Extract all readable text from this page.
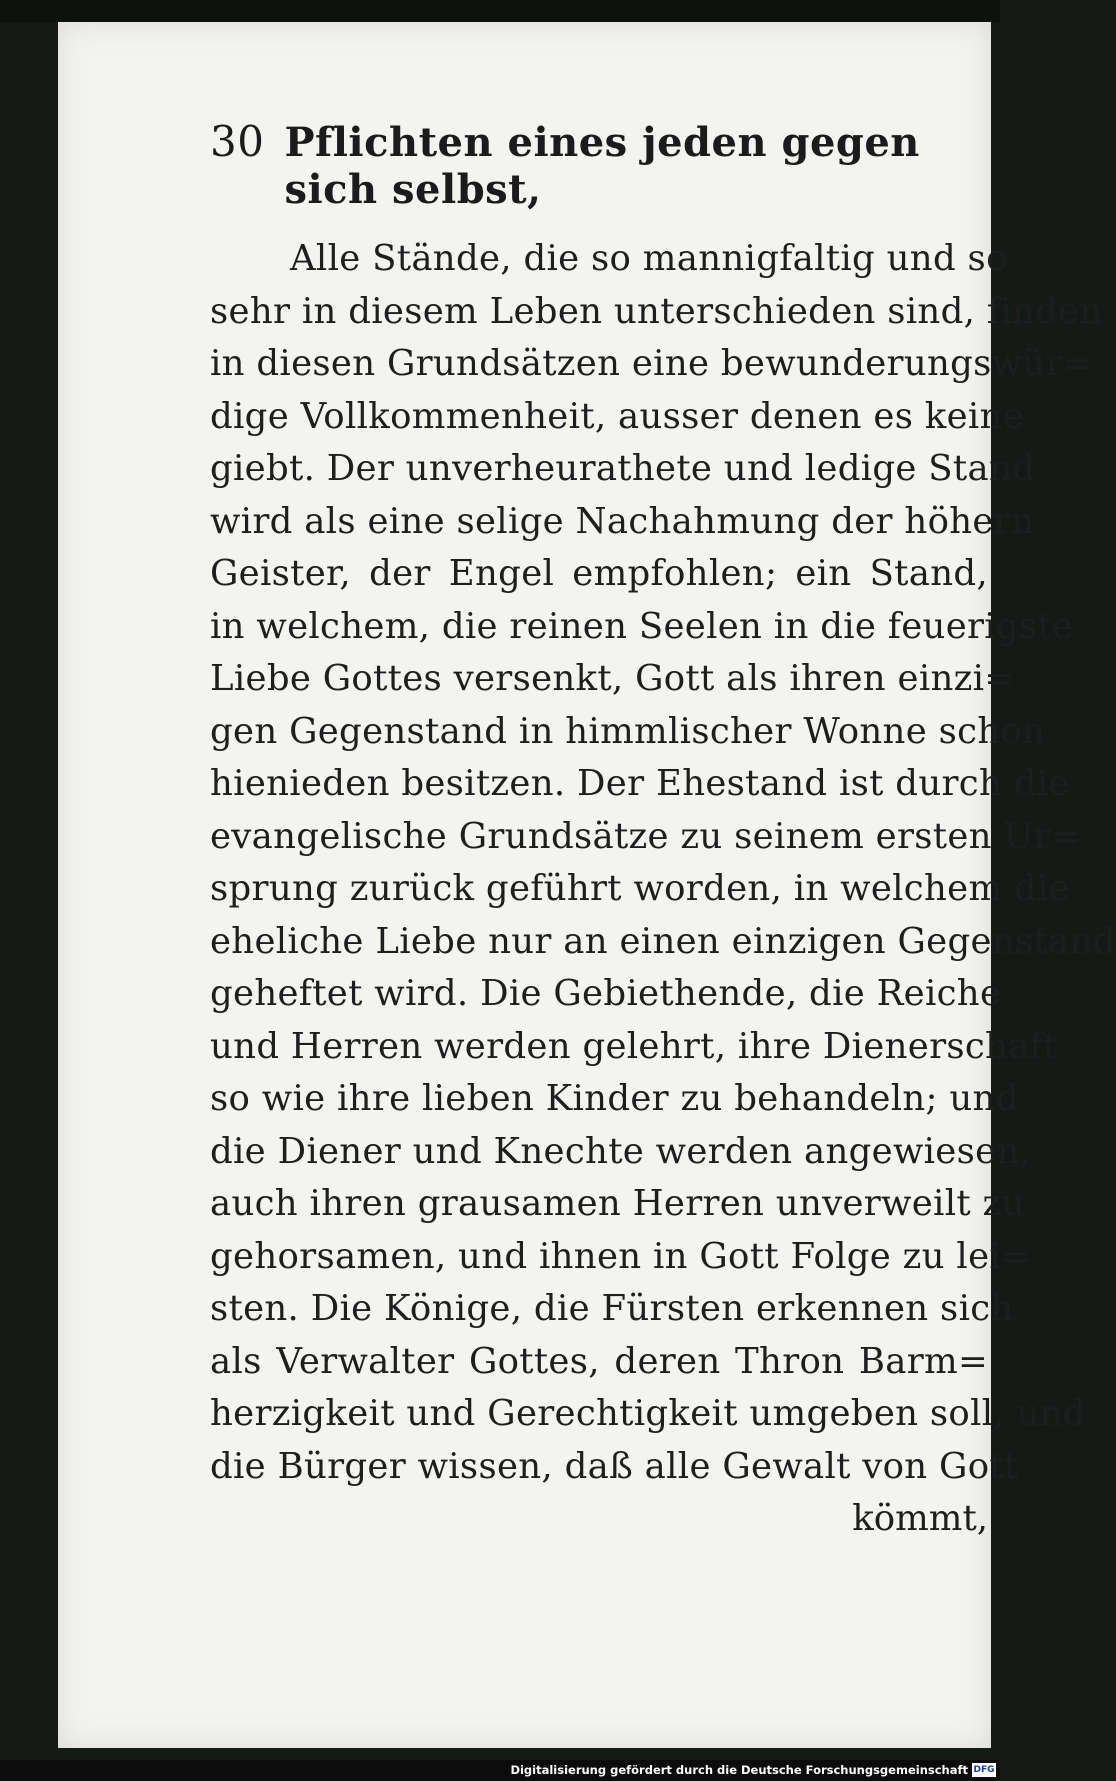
30 Pflichten eines jeden gegen sich selbst,

Alle Stände, die so mannigfaltig und so
sehr in diesem Leben unterschieden sind, finden
in diesen Grundsätzen eine bewunderungswür=
dige Vollkommenheit, ausser denen es keine
giebt. Der unverheurathete und ledige Stand
wird als eine selige Nachahmung der höhern
Geister, der Engel empfohlen; ein Stand,
in welchem, die reinen Seelen in die feuerigste
Liebe Gottes versenkt, Gott als ihren einzi=
gen Gegenstand in himmlischer Wonne schon
hienieden besitzen. Der Ehestand ist durch die
evangelische Grundsätze zu seinem ersten Ur=
sprung zurück geführt worden, in welchem die
eheliche Liebe nur an einen einzigen Gegenstand
geheftet wird. Die Gebiethende, die Reiche
und Herren werden gelehrt, ihre Dienerschaft
so wie ihre lieben Kinder zu behandeln; und
die Diener und Knechte werden angewiesen,
auch ihren grausamen Herren unverweilt zu
gehorsamen, und ihnen in Gott Folge zu lei=
sten. Die Könige, die Fürsten erkennen sich
als Verwalter Gottes, deren Thron Barm=
herzigkeit und Gerechtigkeit umgeben soll, und
die Bürger wissen, daß alle Gewalt von Gott

kömmt,
Digitalisierung gefördert durch die Deutsche Forschungsgemeinschaft DFG
